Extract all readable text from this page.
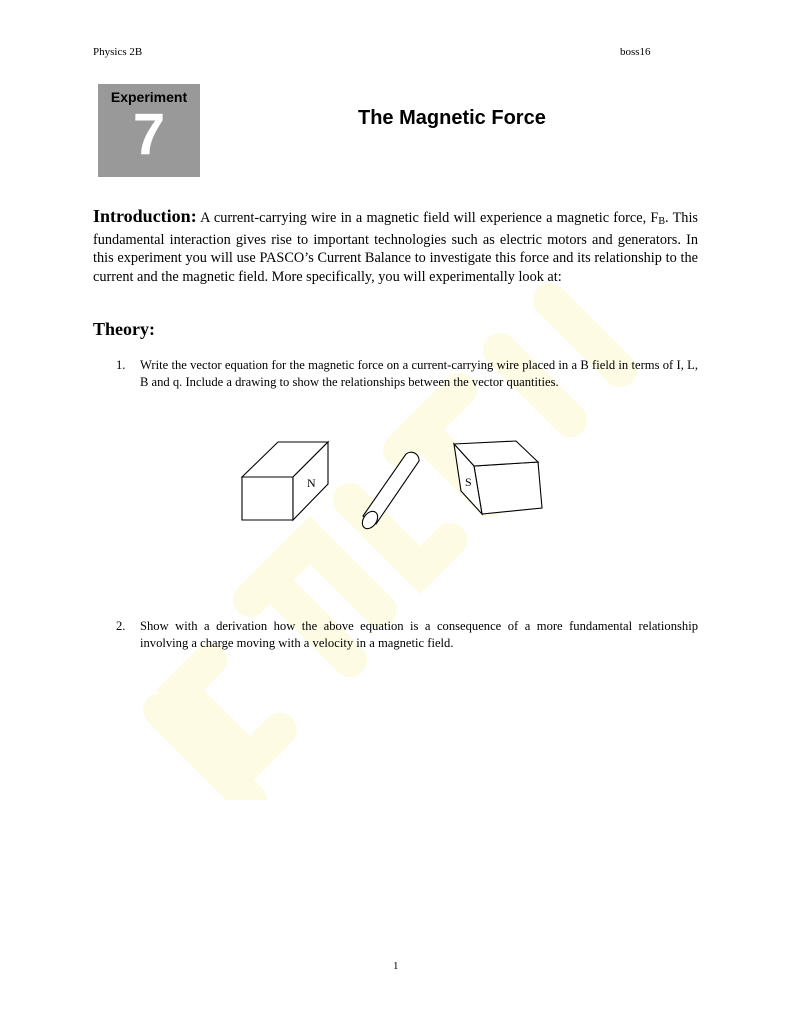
Physics 2B	boss16
Experiment
7	The Magnetic Force
Introduction: A current-carrying wire in a magnetic field will experience a magnetic force, $F_B$. This fundamental interaction gives rise to important technologies such as electric motors and generators. In this experiment you will use PASCO’s Current Balance to investigate this force and its relationship to the current and the magnetic field. More specifically, you will experimentally look at:
Theory:
1. Write the vector equation for the magnetic force on a current-carrying wire placed in a B field in terms of I, L, B and q. Include a drawing to show the relationships between the vector quantities.
N	S
2. Show with a derivation how the above equation is a consequence of a more fundamental relationship involving a charge moving with a velocity in a magnetic field.
1
